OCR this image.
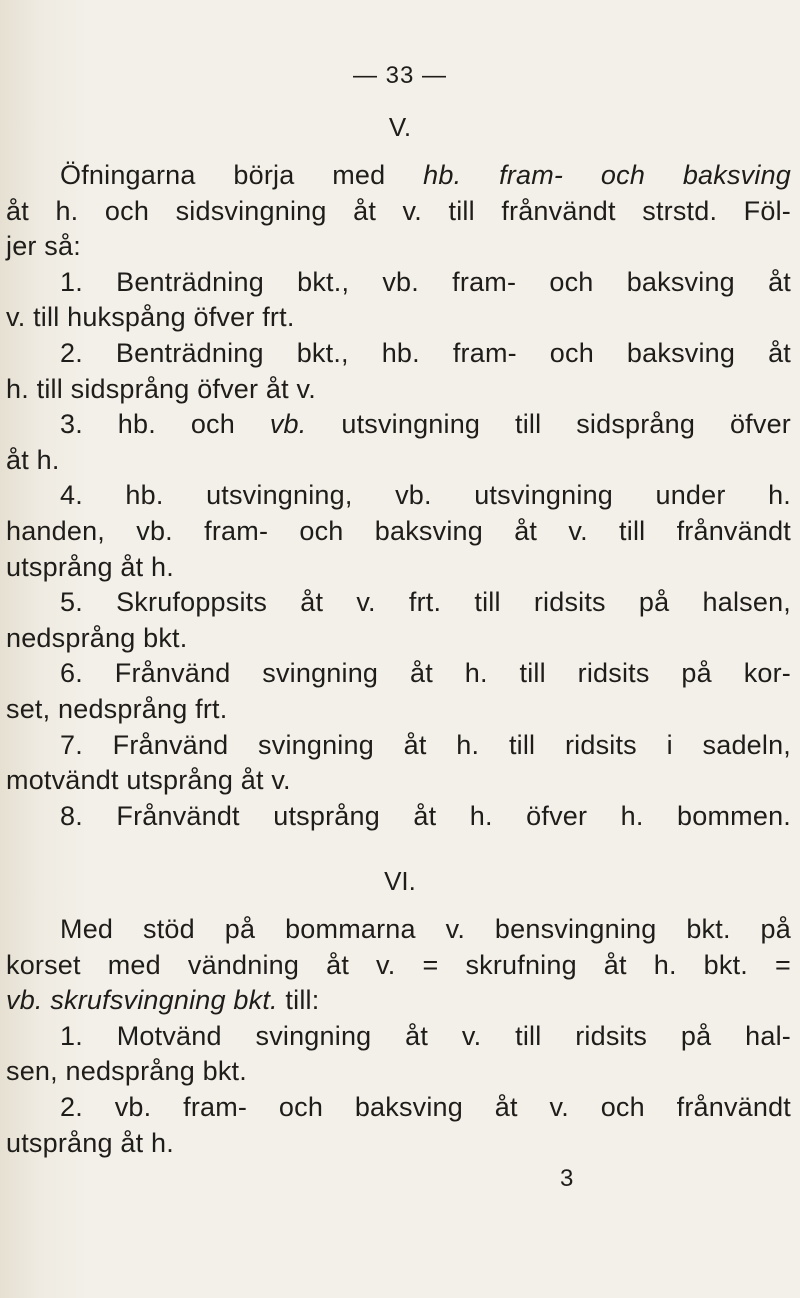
— 33 —
V.
Öfningarna börja med hb. fram- och baksving
åt h. och sidsvingning åt v. till frånvändt strstd. Föl-
jer så:
1. Benträdning bkt., vb. fram- och baksving åt
v. till hukspång öfver frt.
2. Benträdning bkt., hb. fram- och baksving åt
h. till sidsprång öfver åt v.
3. hb. och vb. utsvingning till sidsprång öfver
åt h.
4. hb. utsvingning, vb. utsvingning under h.
handen, vb. fram- och baksving åt v. till frånvändt
utsprång åt h.
5. Skrufoppsits åt v. frt. till ridsits på halsen,
nedsprång bkt.
6. Frånvänd svingning åt h. till ridsits på kor-
set, nedsprång frt.
7. Frånvänd svingning åt h. till ridsits i sadeln,
motvändt utsprång åt v.
8. Frånvändt utsprång åt h. öfver h. bommen.
VI.
Med stöd på bommarna v. bensvingning bkt. på
korset med vändning åt v. = skrufning åt h. bkt. =
vb. skrufsvingning bkt. till:
1. Motvänd svingning åt v. till ridsits på hal-
sen, nedsprång bkt.
2. vb. fram- och baksving åt v. och frånvändt
utsprång åt h.
3
